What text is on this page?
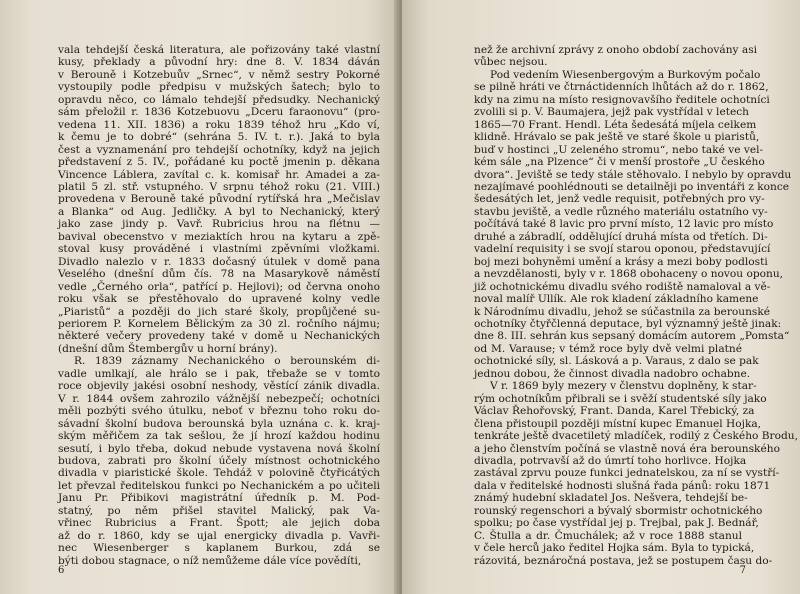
vala tehdejší česká literatura, ale pořizovány také vlastní
kusy, překlady a původní hry: dne 8. V. 1834 dáván
v Berouně i Kotzebuův „Srnec“, v němž sestry Pokorné
vystoupily podle předpisu v mužských šatech; bylo to
opravdu něco, co lámalo tehdejší předsudky. Nechanický
sám přeložil r. 1836 Kotzebuovu „Dceru faraonovu“ (pro-
vedena 11. XII. 1836) a roku 1839 téhož hru „Kdo ví,
k čemu je to dobré“ (sehrána 5. IV. t. r.). Jaká to byla
čest a vyznamenání pro tehdejší ochotníky, když na jejich
představení z 5. IV., pořádané ku poctě jmenin p. děkana
Vincence Láblera, zavítal c. k. komisař hr. Amadei a za-
platil 5 zl. stř. vstupného. V srpnu téhož roku (21. VIII.)
provedena v Berouně také původní rytířská hra „Mečislav
a Blanka“ od Aug. Jedličky. A byl to Nechanický, který
jako zase jindy p. Vavř. Rubricius hrou na flétnu —
bavival obecenstvo v meziaktích hrou na kytaru a zpě-
stoval kusy prováděné i vlastními zpěvními vložkami.
Divadlo nalezlo v r. 1833 dočasný útulek v domě pana
Veselého (dnešní dům čís. 78 na Masarykově náměstí
vedle „Černého orla“, patřící p. Hejlovi); od června onoho
roku však se přestěhovalo do upravené kolny vedle
„Piaristů“ a později do jich staré školy, propůjčené su-
periorem P. Kornelem Bělickým za 30 zl. ročního nájmu;
některé večery provedeny také v domě u Nechanických
(dnešní dům Štembergův u horní brány).
R. 1839 záznamy Nechanického o berounském di-
vadle umlkají, ale hrálo se i pak, třebaže se v tomto
roce objevily jakési osobní neshody, věstící zánik divadla.
V r. 1844 ovšem zahrozilo vážnější nebezpečí; ochotníci
měli pozbýti svého útulku, neboť v březnu toho roku do-
sávadní školní budova berounská byla uznána c. k. kraj-
ským měřičem za tak sešlou, že jí hrozí každou hodinu
sesutí, i bylo třeba, dokud nebude vystavena nová školní
budova, zabrati pro školní účely místnost ochotnického
divadla v piaristické škole. Tehdáž v polovině čtyřicátých
let převzal ředitelskou funkci po Nechanickém a po učiteli
Janu Pr. Přibikovi magistrátní úředník p. M. Pod-
statný, po něm přišel stavitel Malický, pak Va-
vřinec Rubricius a Frant. Špott; ale jejich doba
až do r. 1860, kdy se ujal energicky divadla p. Vavři-
nec Wiesenberger s kaplanem Burkou, zdá se
býti dobou stagnace, o níž nemůžeme dále více povědíti,
6
než že archivní zprávy z onoho období zachovány asi
vůbec nejsou.
Pod vedením Wiesenbergovým a Burkovým počalo
se pilně hráti ve čtrnáctidenních lhůtách až do r. 1862,
kdy na zimu na místo resignovavšího ředitele ochotníci
zvolili si p. V. Baumajera, jejž pak vystřídal v letech
1865—70 Frant. Hendl. Léta šedesátá míjela celkem
klidně. Hrávalo se pak ještě ve staré škole u piaristů,
buď v hostinci „U zeleného stromu“, nebo také ve vel-
kém sále „na Plzence“ či v menší prostoře „U českého
dvora“. Jeviště se tedy stále stěhovalo. I nebylo by opravdu
nezajímavé poohlédnouti se detailněji po inventáři z konce
šedesátých let, jenž vedle requisit, potřebných pro vy-
stavbu jeviště, a vedle různého materiálu ostatního vy-
počítává také 8 lavic pro první místo, 12 lavic pro místo
druhé a zábradlí, oddělující druhá místa od třetích. Di-
vadelní requisity i se svojí starou oponou, představující
boj mezi bohyněmi umění a krásy a mezi boby podlosti
a nevzdělanosti, byly v r. 1868 obohaceny o novou oponu,
již ochotnickému divadlu svého rodiště namaloval a vě-
noval malíř Ullík. Ale rok kladení základního kamene
k Národnímu divadlu, jehož se súčastnila za berounské
ochotníky čtyřčlenná deputace, byl významný ještě jinak:
dne 8. III. sehrán kus sepsaný domácím autorem „Pomsta“
od M. Varause; v témž roce byly dvě velmi platné
ochotnické síly, sl. Lásková a p. Varaus, z dalo se pak
jednou dobou, že činnost divadla nadobro ochabne.
V r. 1869 byly mezery v členstvu doplněny, k star-
rým ochotníkům přibrali se i svěží studentské síly jako
Václav Řehořovský, Frant. Danda, Karel Třebický, za
člena přistoupil později místní kupec Emanuel Hojka,
tenkráte ještě dvacetiletý mladíček, rodilý z Českého Brodu,
a jeho členstvím počíná se vlastně nová éra berounského
divadla, potrvavší až do úmrtí toho horlivce. Hojka
zastával zprvu pouze funkci jednatelskou, za ní se vystří-
dala v ředitelské hodnosti slušná řada pánů: roku 1871
známý hudební skladatel Jos. Nešvera, tehdejší be-
rounský regenschori a bývalý sbormistr ochotnického
spolku; po čase vystřídal jej p. Trejbal, pak J. Bednář,
C. Štulla a dr. Čmuchálek; až v roce 1888 stanul
v čele herců jako ředitel Hojka sám. Byla to typická,
rázovitá, beznáročná postava, jež se postupem času do-
7
